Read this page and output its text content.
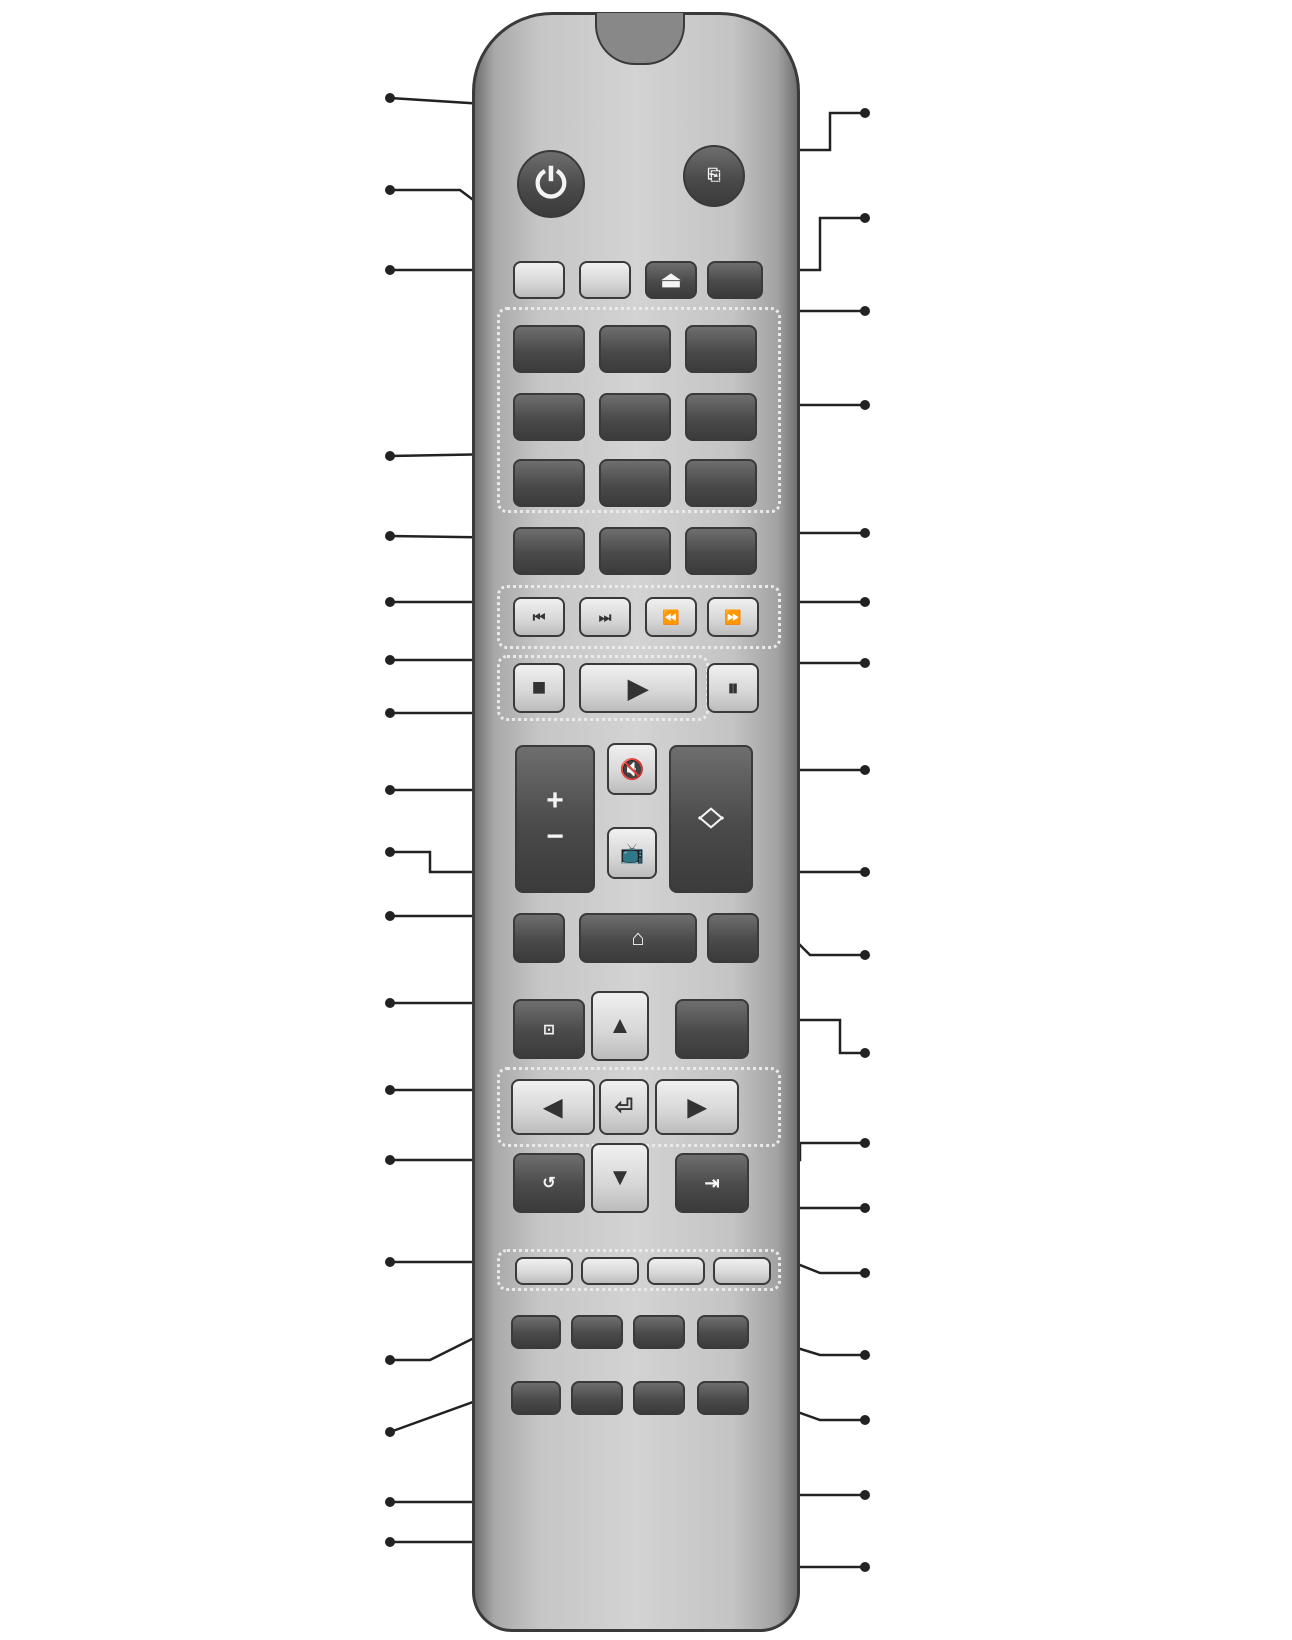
⏻	⎘
⏏
⏮	⏭	⏪	⏩
■	▶	⏸
+
−
🔇
📺
︿
﹀
⌂
⊡ ▲
◀ ⏎ ▶
▼
↺	⇥
